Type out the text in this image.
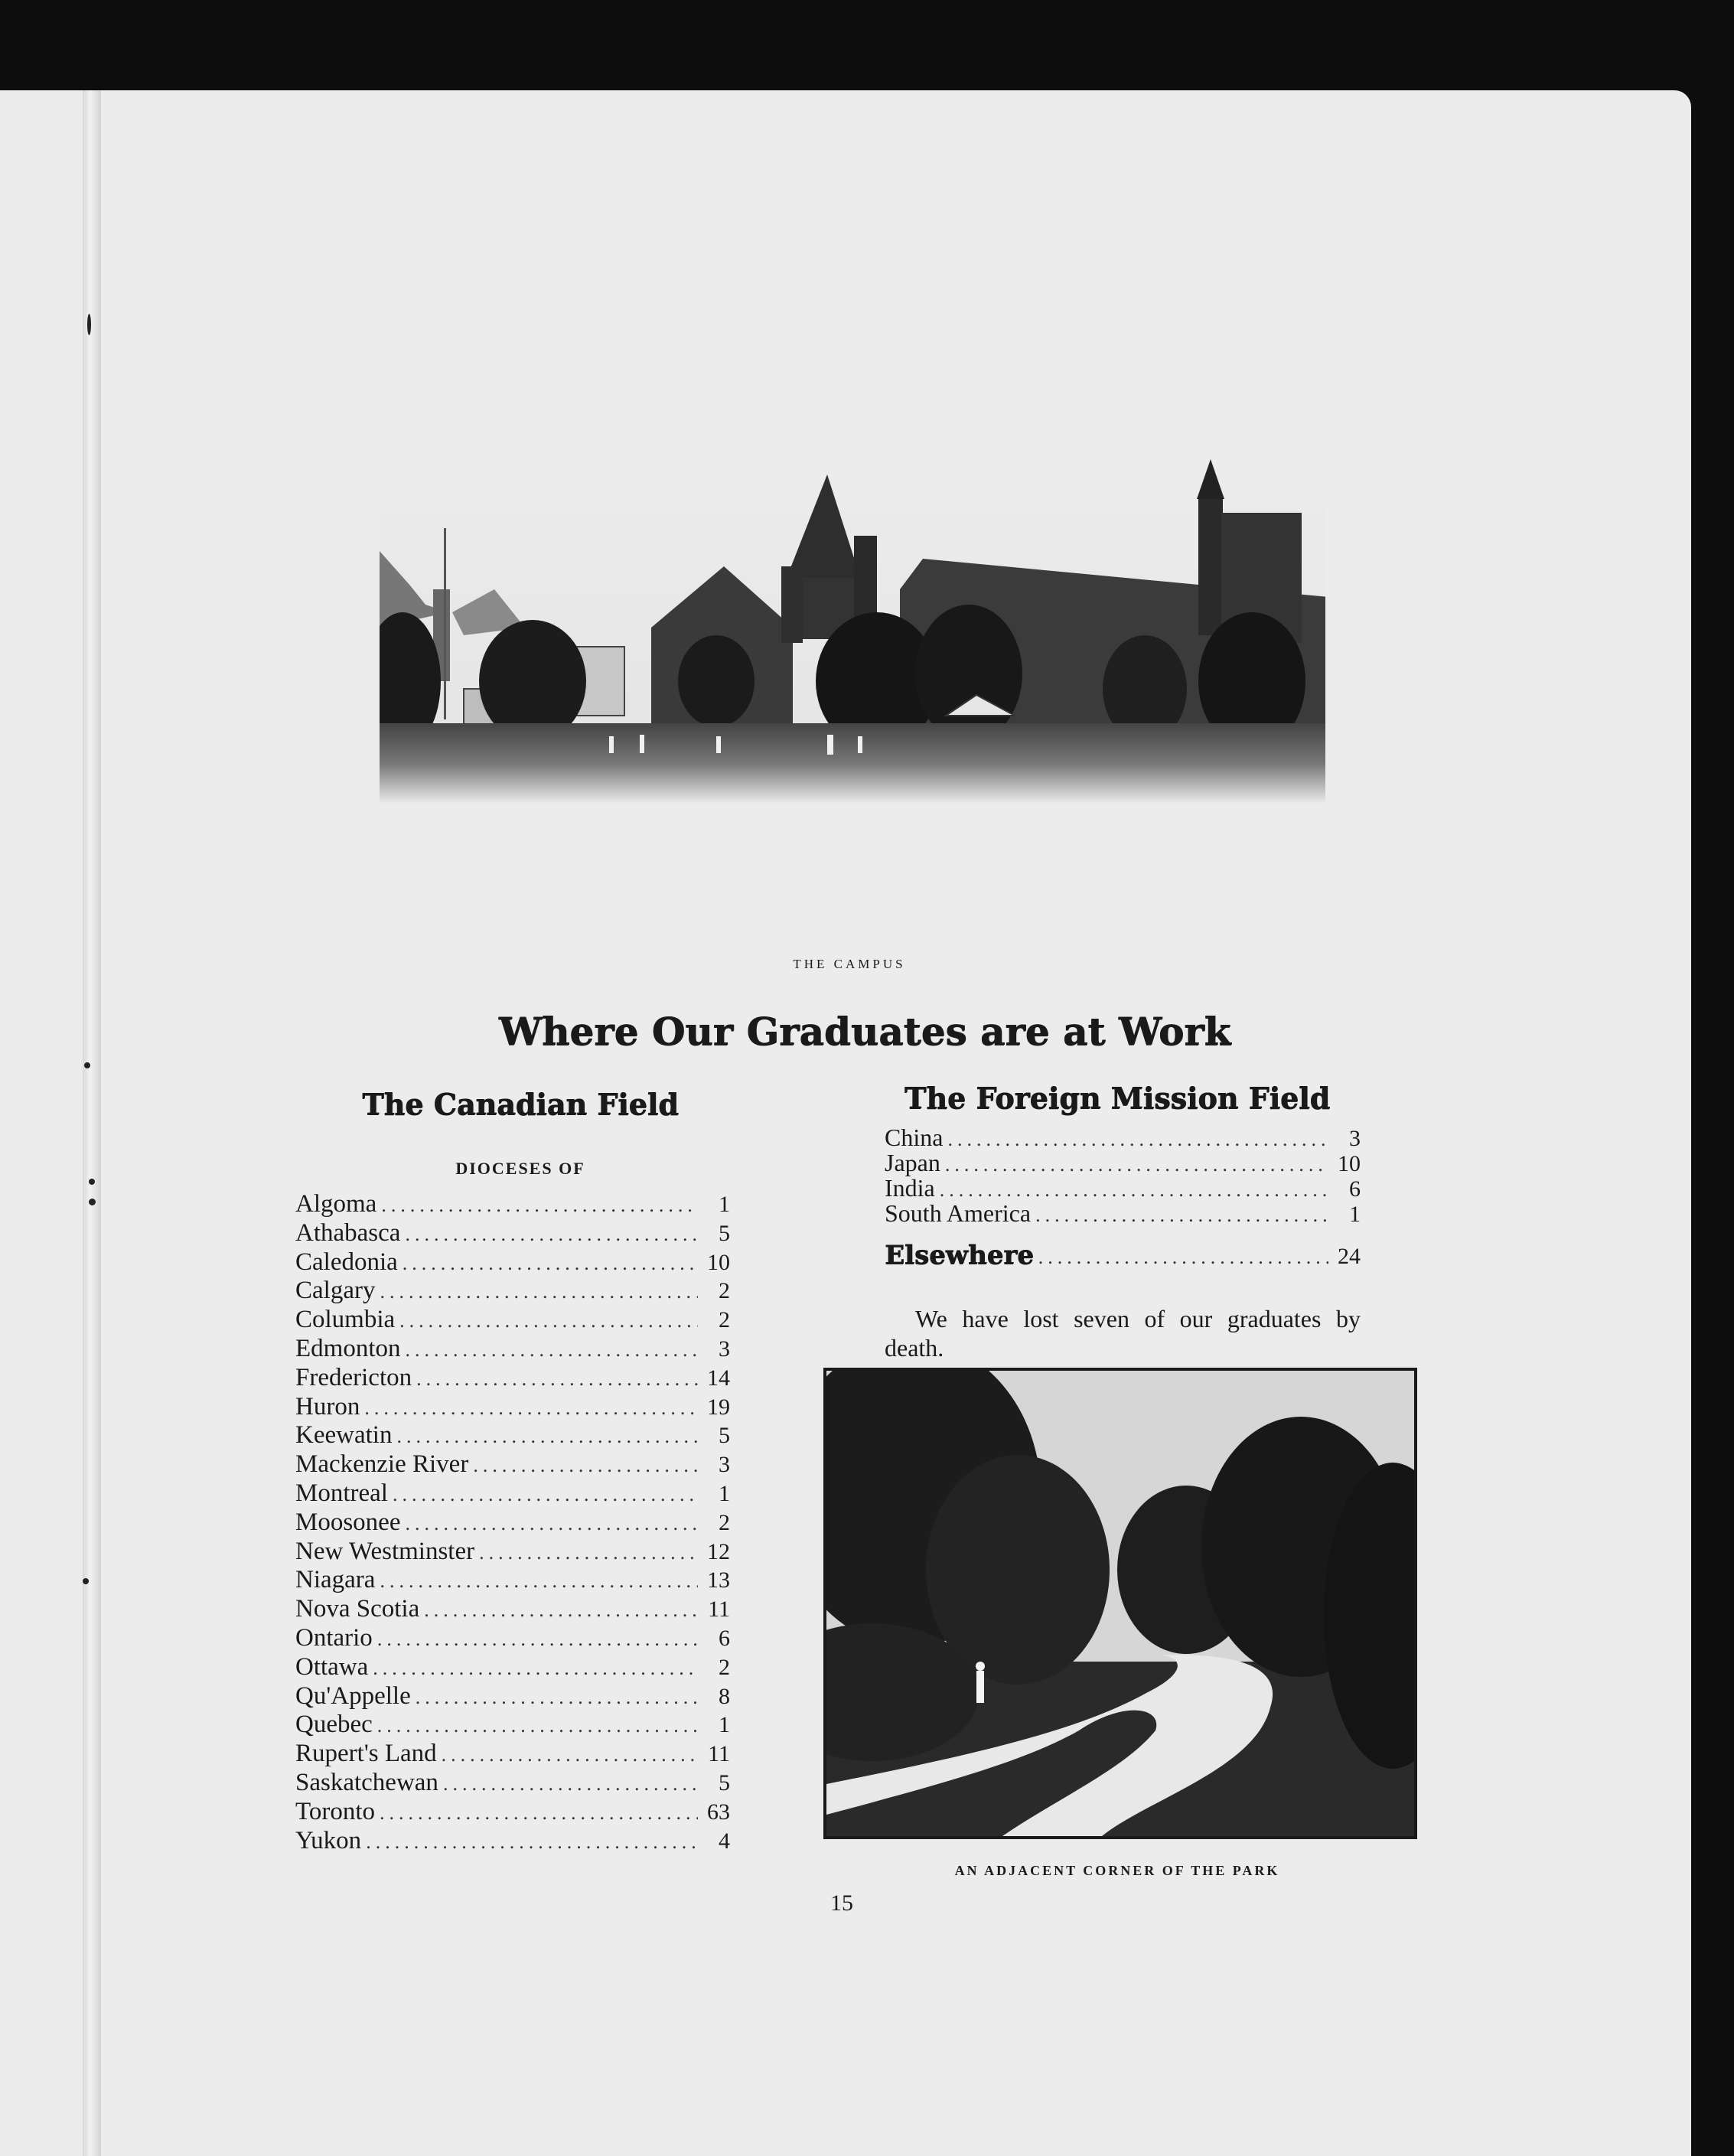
THE CAMPUS
Where Our Graduates are at Work
The Canadian Field
DIOCESES OF
Algoma .....	1
Athabasca .....	5
Caledonia .....	10
Calgary .....	2
Columbia .....	2
Edmonton .....	3
Fredericton .....	14
Huron .....	19
Keewatin .....	5
Mackenzie River .....	3
Montreal .....	1
Moosonee .....	2
New Westminster .....	12
Niagara .....	13
Nova Scotia .....	11
Ontario .....	6
Ottawa .....	2
Qu'Appelle .....	8
Quebec .....	1
Rupert's Land .....	11
Saskatchewan .....	5
Toronto .....	63
Yukon .....	4
The Foreign Mission Field
China .....	3
Japan .....	10
India .....	6
South America .....	1
Elsewhere .....	24

We have lost seven of our graduates by death.

AN ADJACENT CORNER OF THE PARK
15
